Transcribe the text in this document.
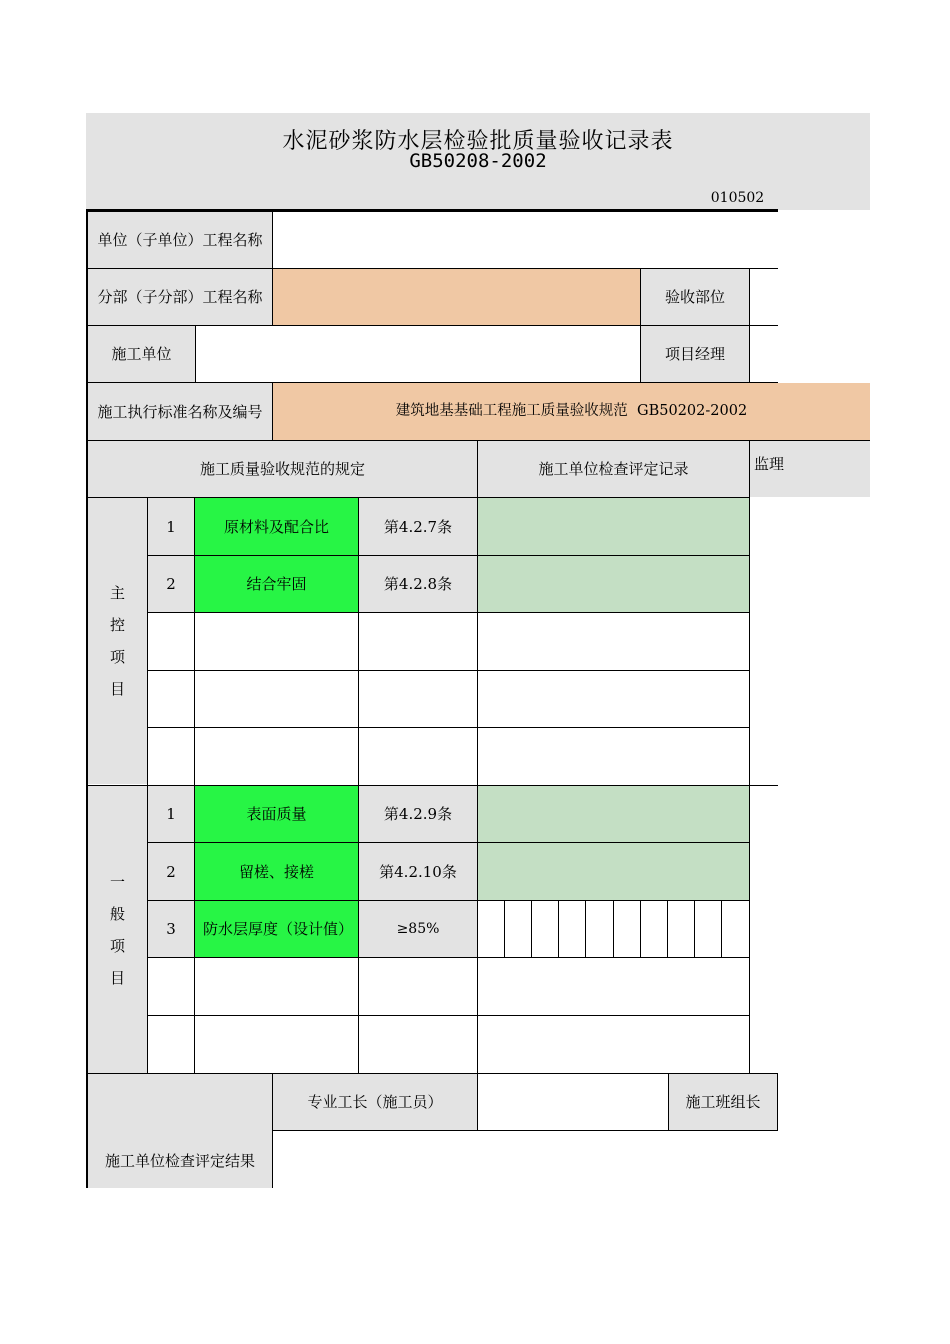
水泥砂浆防水层检验批质量验收记录表
GB50208-2002
010502
单位（子单位）工程名称
分部（子分部）工程名称	验收部位
施工单位	项目经理
施工执行标准名称及编号	建筑地基基础工程施工质量验收规范  GB50202-2002
施工质量验收规范的规定	施工单位检查评定记录	监理
主
控
项
目
1	原材料及配合比	第4.2.7条
2	结合牢固	第4.2.8条
一
般
项
目
1	表面质量	第4.2.9条
2	留槎、接槎	第4.2.10条
3	防水层厚度（设计值）	≥85%
施工单位检查评定结果
专业工长（施工员）	施工班组长
